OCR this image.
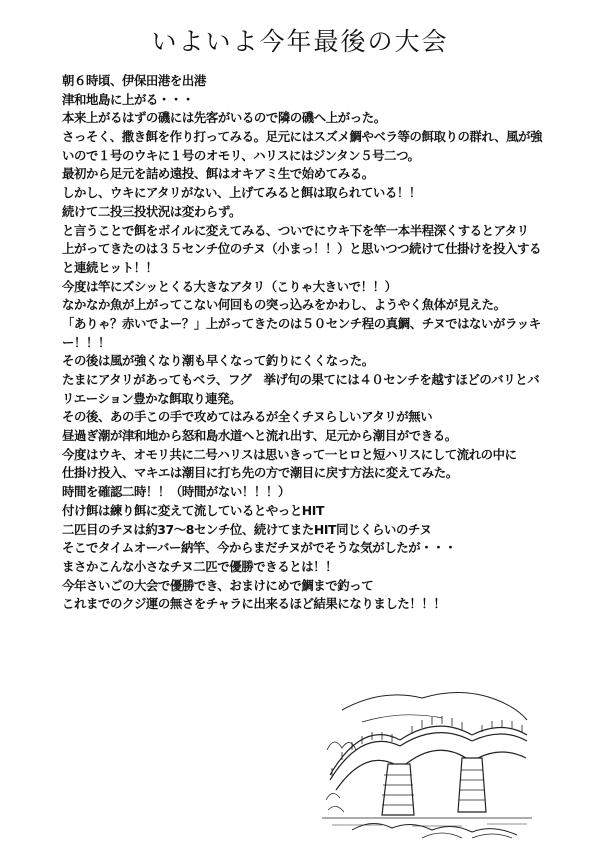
いよいよ今年最後の大会
朝６時頃、伊保田港を出港
津和地島に上がる・・・
本来上がるはずの磯には先客がいるので隣の磯へ上がった。
さっそく、撒き餌を作り打ってみる。足元にはスズメ鯛やベラ等の餌取りの群れ、風が強
いので１号のウキに１号のオモリ、ハリスにはジンタン５号二つ。
最初から足元を詰め遠投、餌はオキアミ生で始めてみる。
しかし、ウキにアタリがない、上げてみると餌は取られている！！
続けて二投三投状況は変わらず。
と言うことで餌をボイルに変えてみる、ついでにウキ下を竿一本半程深くするとアタリ
上がってきたのは３５センチ位のチヌ（小まっ！！）と思いつつ続けて仕掛けを投入する
と連続ヒット！！
今度は竿にズシッとくる大きなアタリ（こりゃ大きいで！！）
なかなか魚が上がってこない何回もの突っ込みをかわし、ようやく魚体が見えた。
「ありゃ？赤いでよー？」上がってきたのは５０センチ程の真鯛、チヌではないがラッキ
ー！！！
その後は風が強くなり潮も早くなって釣りにくくなった。
たまにアタリがあってもベラ、フグ　挙げ句の果てには４０センチを越すほどのバリとバ
リエーション豊かな餌取り連発。
その後、あの手この手で攻めてはみるが全くチヌらしいアタリが無い
昼過ぎ潮が津和地から怒和島水道へと流れ出す、足元から潮目ができる。
今度はウキ、オモリ共に二号ハリスは思いきって一ヒロと短ハリスにして流れの中に
仕掛け投入、マキエは潮目に打ち先の方で潮目に戻す方法に変えてみた。
時間を確認二時！！（時間がない！！！）
付け餌は練り餌に変えて流しているとやっとHIT
二匹目のチヌは約37～8センチ位、続けてまたHIT同じくらいのチヌ
そこでタイムオーバー納竿、今からまだチヌがでそうな気がしたが・・・
まさかこんな小さなチヌ二匹で優勝できるとは！！
今年さいごの大会で優勝でき、おまけにめで鯛まで釣って
これまでのクジ運の無さをチャラに出来るほど結果になりました！！！
